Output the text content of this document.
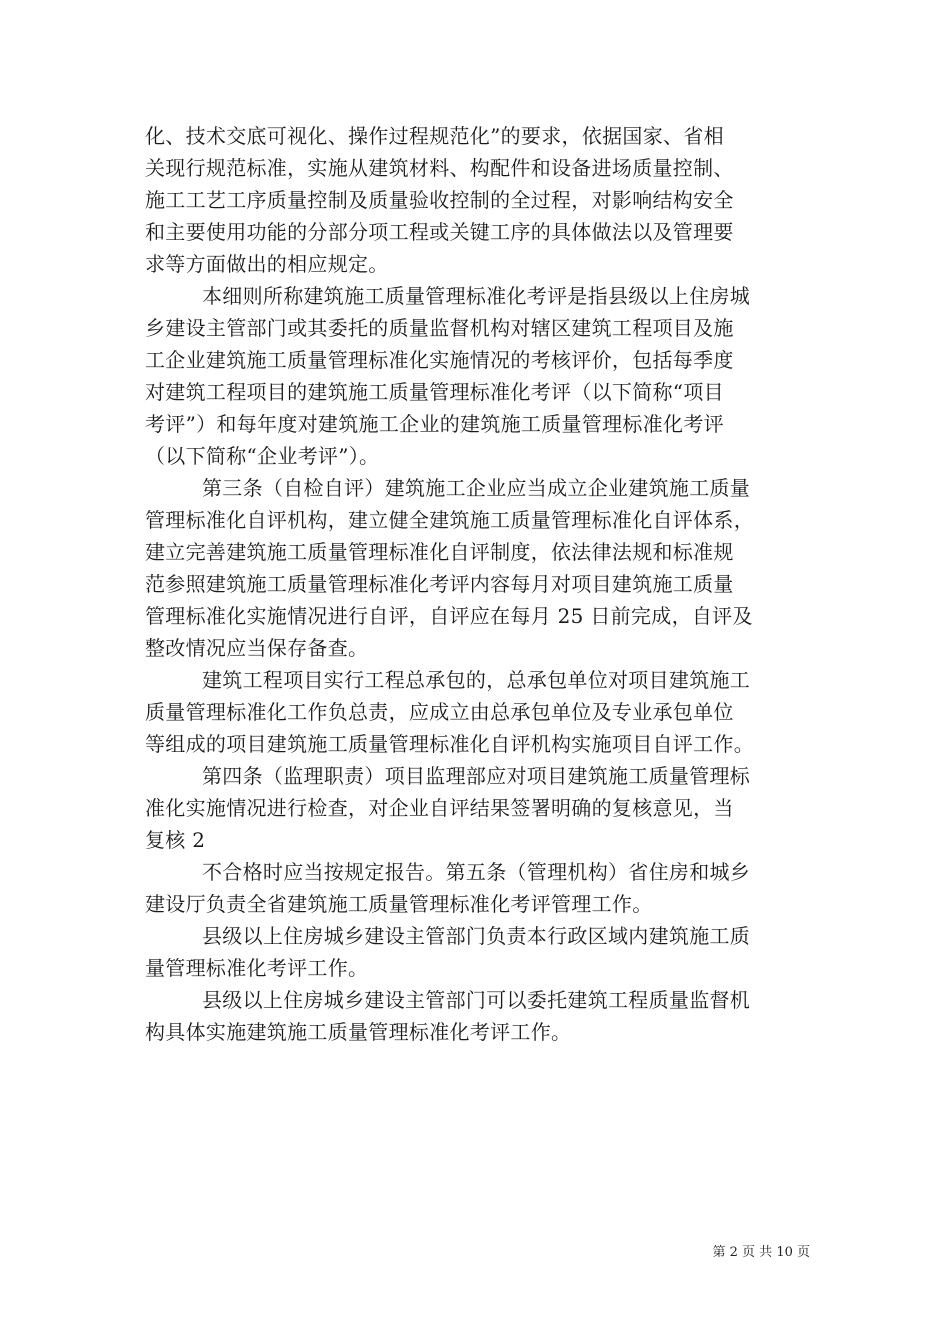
化、技术交底可视化、操作过程规范化”的要求，依据国家、省相
关现行规范标准，实施从建筑材料、构配件和设备进场质量控制、
施工工艺工序质量控制及质量验收控制的全过程，对影响结构安全
和主要使用功能的分部分项工程或关键工序的具体做法以及管理要
求等方面做出的相应规定。
本细则所称建筑施工质量管理标准化考评是指县级以上住房城
乡建设主管部门或其委托的质量监督机构对辖区建筑工程项目及施
工企业建筑施工质量管理标准化实施情况的考核评价，包括每季度
对建筑工程项目的建筑施工质量管理标准化考评（以下简称“项目
考评”）和每年度对建筑施工企业的建筑施工质量管理标准化考评
（以下简称“企业考评”）。
第三条（自检自评）建筑施工企业应当成立企业建筑施工质量
管理标准化自评机构，建立健全建筑施工质量管理标准化自评体系，
建立完善建筑施工质量管理标准化自评制度，依法律法规和标准规
范参照建筑施工质量管理标准化考评内容每月对项目建筑施工质量
管理标准化实施情况进行自评，自评应在每月 25 日前完成，自评及
整改情况应当保存备查。
建筑工程项目实行工程总承包的，总承包单位对项目建筑施工
质量管理标准化工作负总责，应成立由总承包单位及专业承包单位
等组成的项目建筑施工质量管理标准化自评机构实施项目自评工作。
第四条（监理职责）项目监理部应对项目建筑施工质量管理标
准化实施情况进行检查，对企业自评结果签署明确的复核意见，当
复核 2
不合格时应当按规定报告。第五条（管理机构）省住房和城乡
建设厅负责全省建筑施工质量管理标准化考评管理工作。
县级以上住房城乡建设主管部门负责本行政区域内建筑施工质
量管理标准化考评工作。
县级以上住房城乡建设主管部门可以委托建筑工程质量监督机
构具体实施建筑施工质量管理标准化考评工作。
第 2 页 共 10 页
